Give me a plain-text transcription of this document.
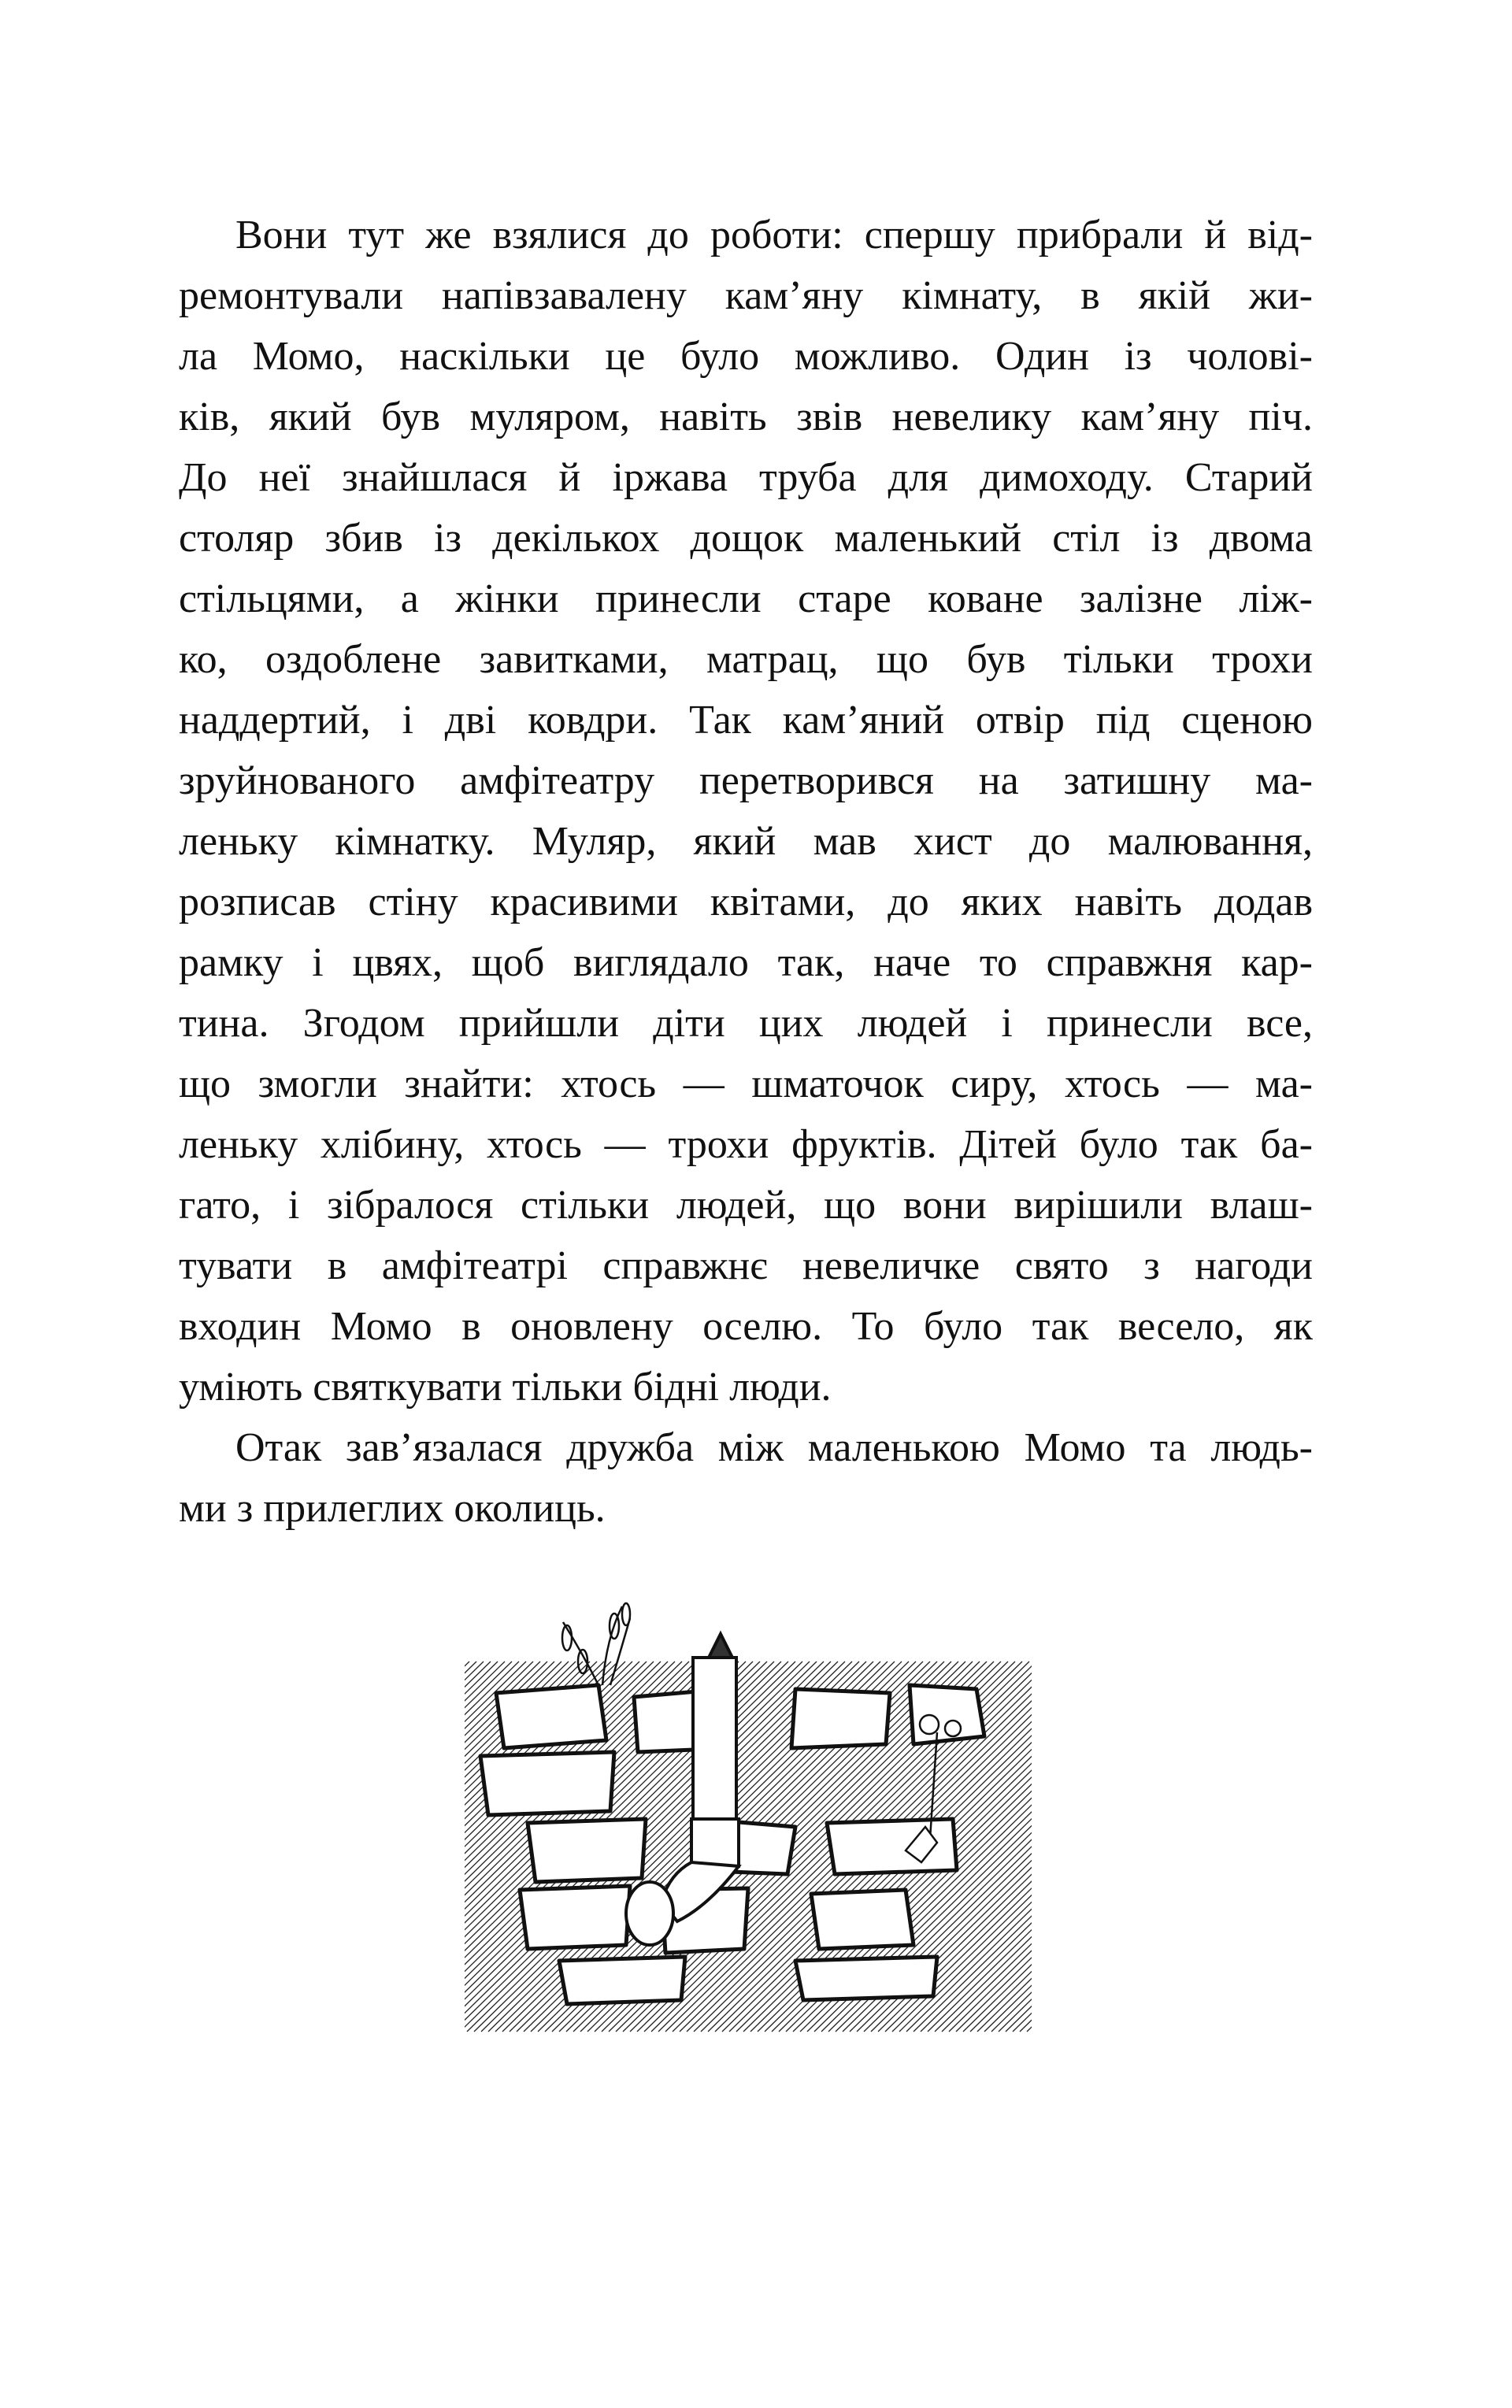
Вони тут же взялися до роботи: спершу прибрали й від-
ремонтували напівзавалену кам’яну кімнату, в якій жи-
ла Момо, наскільки це було можливо. Один із чолові-
ків, який був муляром, навіть звів невелику кам’яну піч.
До неї знайшлася й іржава труба для димоходу. Старий
столяр збив із декількох дощок маленький стіл із двома
стільцями, а жінки принесли старе коване залізне ліж-
ко, оздоблене завитками, матрац, що був тільки трохи
наддертий, і дві ковдри. Так кам’яний отвір під сценою
зруйнованого амфітеатру перетворився на затишну ма-
леньку кімнатку. Муляр, який мав хист до малювання,
розписав стіну красивими квітами, до яких навіть додав
рамку і цвях, щоб виглядало так, наче то справжня кар-
тина. Згодом прийшли діти цих людей і принесли все,
що змогли знайти: хтось — шматочок сиру, хтось — ма-
леньку хлібину, хтось — трохи фруктів. Дітей було так ба-
гато, і зібралося стільки людей, що вони вирішили влаш-
тувати в амфітеатрі справжнє невеличке свято з нагоди
входин Момо в оновлену оселю. То було так весело, як
уміють святкувати тільки бідні люди.
Отак зав’язалася дружба між маленькою Момо та людь-
ми з прилеглих околиць.
